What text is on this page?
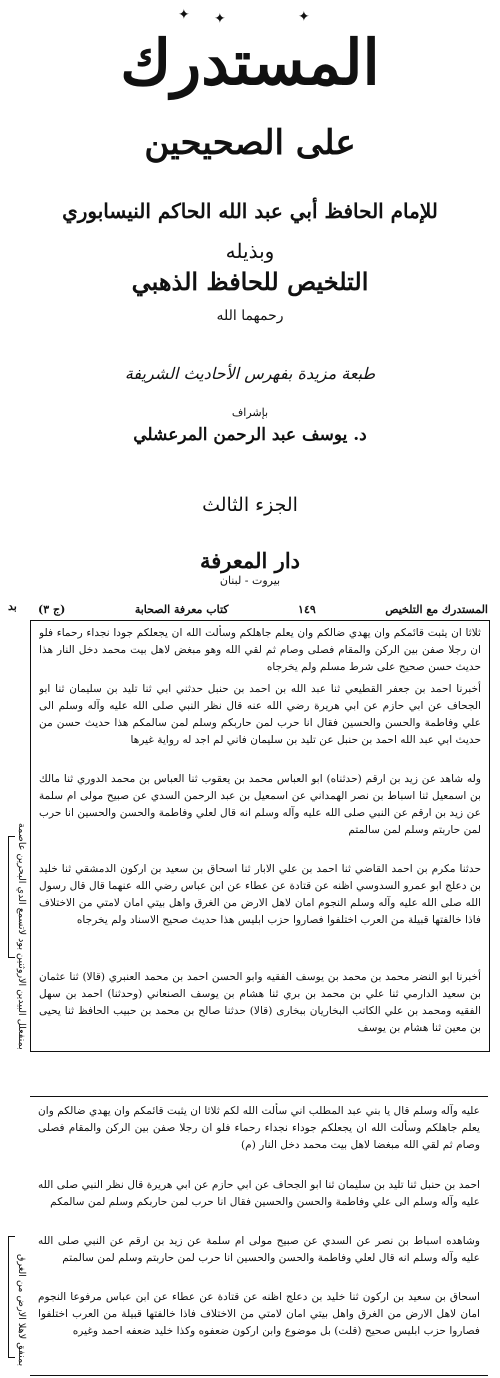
✦ ✦	✦
المستدرك
على الصحيحين
للإمام الحافظ أبي عبد الله الحاكم النيسابوري
وبذيله
التلخيص للحافظ الذهبي
رحمهما الله
طبعة مزيدة بفهرس الأحاديث الشريفة
بإشراف
د. يوسف عبد الرحمن المرعشلي
الجزء الثالث
دار المعرفة
بيروت - لبنان
المستدرك مع التلخيص
١٤٩
كتاب معرفة الصحابة
(ج ٣)
بد
ثلاثا ان يثبت قائمكم وان يهدي ضالكم وان يعلم جاهلكم وسألت الله ان يجعلكم جودا نجداء رحماء فلو ان رجلا صفن بين الركن والمقام فصلى وصام ثم لقي الله وهو مبغض لاهل بيت محمد دخل النار هذا حديث حسن صحيح على شرط مسلم ولم يخرجاه
أخبرنا احمد بن جعفر القطيعي ثنا عبد الله بن احمد بن حنبل حدثني ابي ثنا تليد بن سليمان ثنا ابو الجحاف عن ابي حازم عن ابي هريرة رضي الله عنه قال نظر النبي صلى الله عليه وآله وسلم الى علي وفاطمة والحسن والحسين فقال انا حرب لمن حاربكم وسلم لمن سالمكم هذا حديث حسن من حديث ابي عبد الله احمد بن حنبل عن تليد بن سليمان فاني لم اجد له رواية غيرها
وله شاهد عن زيد بن ارقم (حدثناه) ابو العباس محمد بن يعقوب ثنا العباس بن محمد الدوري ثنا مالك بن اسمعيل ثنا اسباط بن نصر الهمداني عن اسمعيل بن عبد الرحمن السدي عن صبيح مولى ام سلمة عن زيد بن ارقم عن النبي صلى الله عليه وآله وسلم انه قال لعلي وفاطمة والحسن والحسين انا حرب لمن حاربتم وسلم لمن سالمتم
حدثنا مكرم بن احمد القاضي ثنا احمد بن علي الابار ثنا اسحاق بن سعيد بن اركون الدمشقي ثنا خليد بن دعلج ابو عمرو السدوسي اظنه عن قتادة عن عطاء عن ابن عباس رضي الله عنهما قال قال رسول الله صلى الله عليه وآله وسلم النجوم امان لاهل الارض من الغرق واهل بيتي امان لامتي من الاختلاف فاذا خالفتها قبيلة من العرب اختلفوا فصاروا حزب ابليس هذا حديث صحيح الاسناد ولم يخرجاه
أخبرنا ابو النضر محمد بن محمد بن يوسف الفقيه وابو الحسن احمد بن محمد العنبري (قالا) ثنا عثمان بن سعيد الدارمي ثنا علي بن محمد بن بري ثنا هشام بن يوسف الصنعاني (وحدثنا) احمد بن سهل الفقيه ومحمد بن علي الكاتب البخاريان ببخارى (قالا) حدثنا صالح بن محمد بن حبيب الحافظ ثنا يحيى بن معين ثنا هشام بن يوسف
عليه وآله وسلم قال يا بني عبد المطلب اني سألت الله لكم ثلاثا ان يثبت قائمكم وان يهدي ضالكم وان يعلم جاهلكم وسألت الله ان يجعلكم جوداء نجداء رحماء فلو ان رجلا صفن بين الركن والمقام فصلى وصام ثم لقي الله مبغضا لاهل بيت محمد دخل النار (م)
احمد بن حنبل ثنا تليد بن سليمان ثنا ابو الجحاف عن ابي حازم عن ابي هريرة قال نظر النبي صلى الله عليه وآله وسلم الى علي وفاطمة والحسن والحسين فقال انا حرب لمن حاربكم وسلم لمن سالمكم
وشاهده اسباط بن نصر عن السدي عن صبيح مولى ام سلمة عن زيد بن ارقم عن النبي صلى الله عليه وآله وسلم انه قال لعلي وفاطمة والحسن والحسين انا حرب لمن حاربتم وسلم لمن سالمتم
اسحاق بن سعيد بن اركون ثنا خليد بن دعلج اظنه عن قتادة عن عطاء عن ابن عباس مرفوعا النجوم امان لاهل الارض من الغرق واهل بيتي امان لامتي من الاختلاف فاذا خالفتها قبيلة من العرب اختلفوا فصاروا حزب ابليس صحيح (قلت) بل موضوع وابن اركون ضعفوه وكذا خليد ضعفه احمد وغيره
بمنفعلل البيدين الاروثنين بود لاتسمع الدي البحرين عاصمة
بمنفق لاهلا الارض من الغرق
